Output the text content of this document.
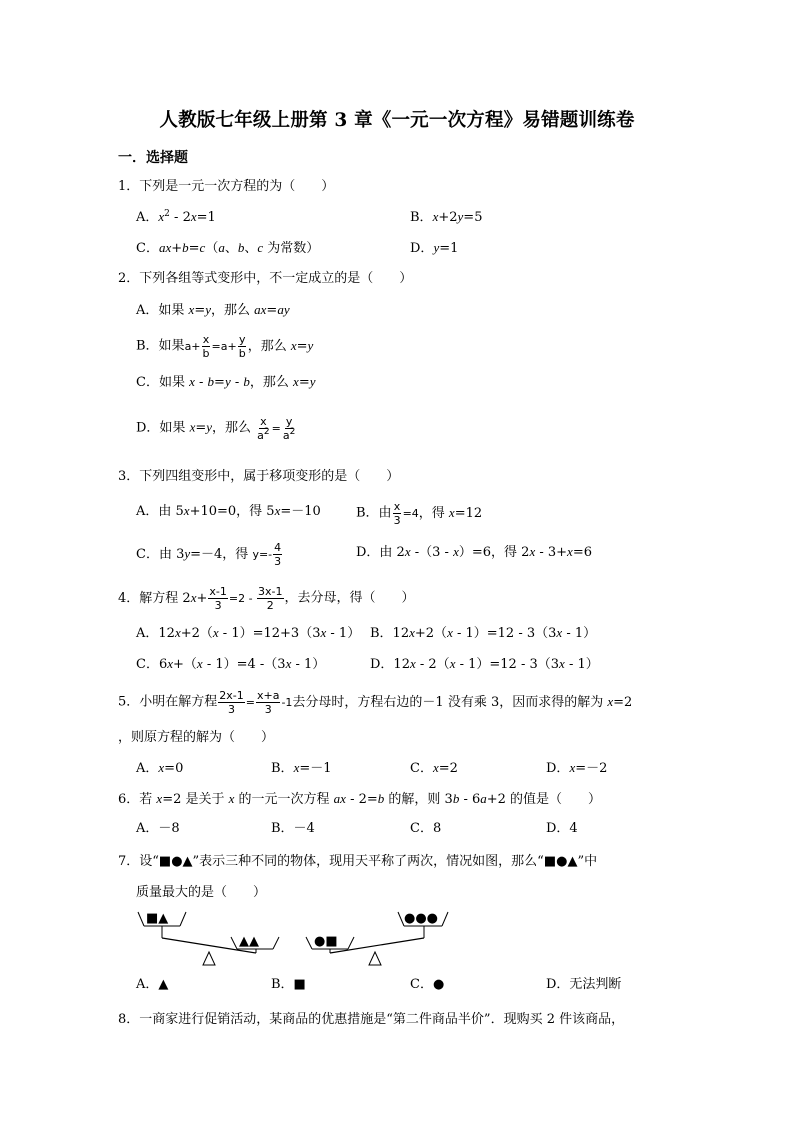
人教版七年级上册第 3 章《一元一次方程》易错题训练卷
一．选择题
1．下列是一元一次方程的为（　　）
A．$x^2 - 2x=1$	B．x+2y=5
C．ax+b=c（a、b、c 为常数）	D．y=1
2．下列各组等式变形中，不一定成立的是（　　）
A．如果 x=y，那么 ax=ay
B．如果$a+ \frac{x}{b} =a+ \frac{y}{b}$ ，那么 x=y
C．如果 x - b=y - b，那么 x=y
D．如果 x=y，那么 $\frac{x}{a^2} = \frac{y}{a^2}$
3．下列四组变形中，属于移项变形的是（　　）
A．由 5x+10=0，得 5x=－10	B．由 $\frac{x}{3} =4$，得 x=12
C．由 3y=－4，得 $y=- \frac{4}{3}$	D．由 2x -（3 - x）=6，得 2x - 3+x=6
4．解方程 $2x+ \frac{x-1}{3} =2 - \frac{3x-1}{2}$ ，去分母，得（　　）
A．12x+2（x - 1）=12+3（3x - 1） B．12x+2（x - 1）=12 - 3（3x - 1）
C．6x+（x - 1）=4 -（3x - 1）	D．12x - 2（x - 1）=12 - 3（3x - 1）
5．小明在解方程 $\frac{2x-1}{3} = \frac{x+a}{3} -1$去分母时，方程右边的－1 没有乘 3，因而求得的解为 x=2
，则原方程的解为（　　）
A．x=0	B．x=－1	C．x=2	D．x=－2
6．若 x=2 是关于 x 的一元一次方程 ax - 2=b 的解，则 3b - 6a+2 的值是（　　）
A．－8	B．－4	C．8	D．4
7．设“■●▲”表示三种不同的物体，现用天平称了两次，情况如图，那么“■●▲”中
质量最大的是（　　）
■▲
▲▲	●■
●●●
A．▲	B．■	C．●	D．无法判断
8．一商家进行促销活动，某商品的优惠措施是“第二件商品半价”．现购买 2 件该商品，
